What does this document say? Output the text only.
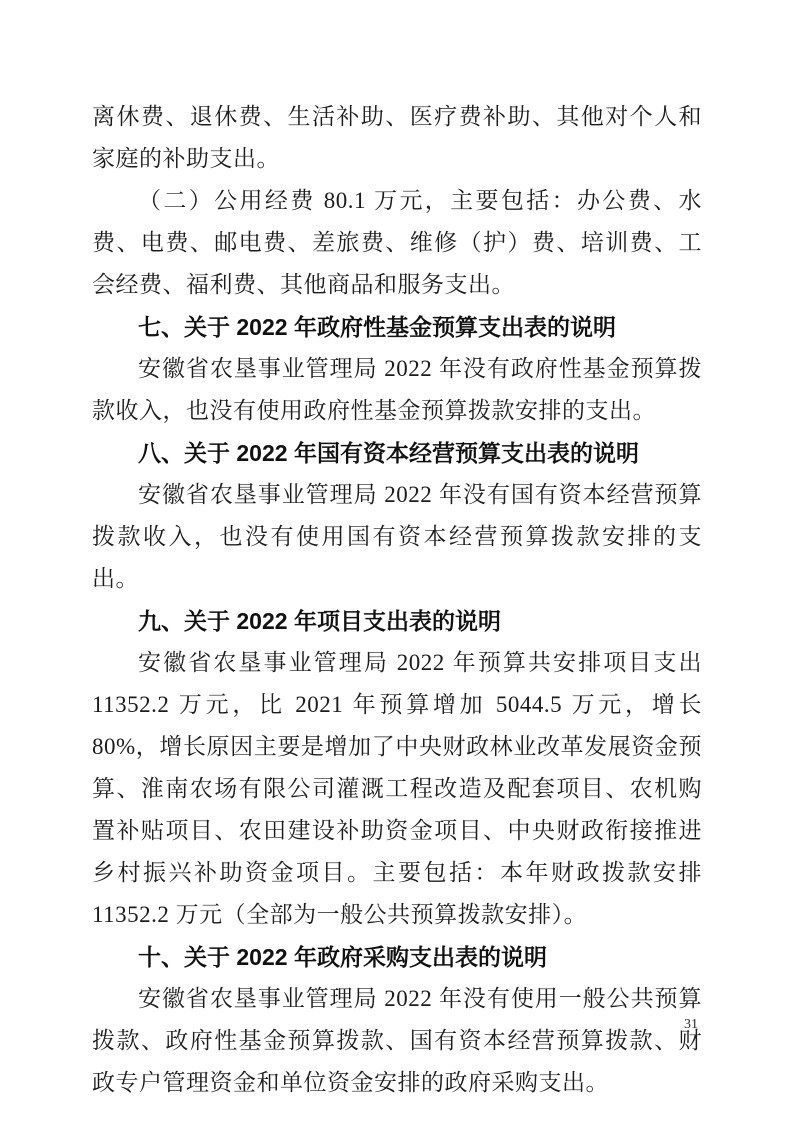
离休费、退休费、生活补助、医疗费补助、其他对个人和家庭的补助支出。

（二）公用经费 80.1 万元，主要包括：办公费、水费、电费、邮电费、差旅费、维修（护）费、培训费、工会经费、福利费、其他商品和服务支出。

七、关于 2022 年政府性基金预算支出表的说明

安徽省农垦事业管理局 2022 年没有政府性基金预算拨款收入，也没有使用政府性基金预算拨款安排的支出。

八、关于 2022 年国有资本经营预算支出表的说明

安徽省农垦事业管理局 2022 年没有国有资本经营预算拨款收入，也没有使用国有资本经营预算拨款安排的支出。

九、关于 2022 年项目支出表的说明

安徽省农垦事业管理局 2022 年预算共安排项目支出 11352.2 万元，比 2021 年预算增加 5044.5 万元，增长 80%，增长原因主要是增加了中央财政林业改革发展资金预算、淮南农场有限公司灌溉工程改造及配套项目、农机购置补贴项目、农田建设补助资金项目、中央财政衔接推进乡村振兴补助资金项目。主要包括：本年财政拨款安排 11352.2 万元（全部为一般公共预算拨款安排）。

十、关于 2022 年政府采购支出表的说明

安徽省农垦事业管理局 2022 年没有使用一般公共预算拨款、政府性基金预算拨款、国有资本经营预算拨款、财政专户管理资金和单位资金安排的政府采购支出。

31
